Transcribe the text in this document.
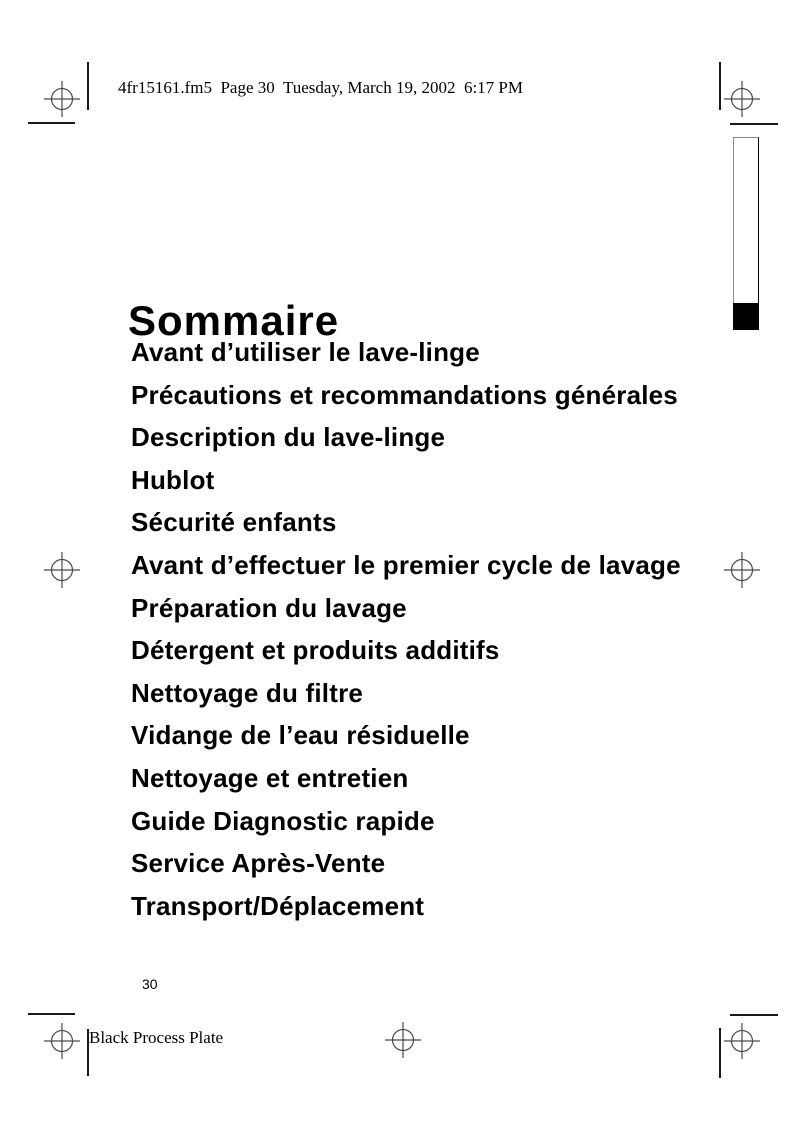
4fr15161.fm5  Page 30  Tuesday, March 19, 2002  6:17 PM
Sommaire
Avant d’utiliser le lave-linge
Précautions et recommandations générales
Description du lave-linge
Hublot
Sécurité enfants
Avant d’effectuer le premier cycle de lavage
Préparation du lavage
Détergent et produits additifs
Nettoyage du filtre
Vidange de l’eau résiduelle
Nettoyage et entretien
Guide Diagnostic rapide
Service Après-Vente
Transport/Déplacement
30
Black Process Plate
